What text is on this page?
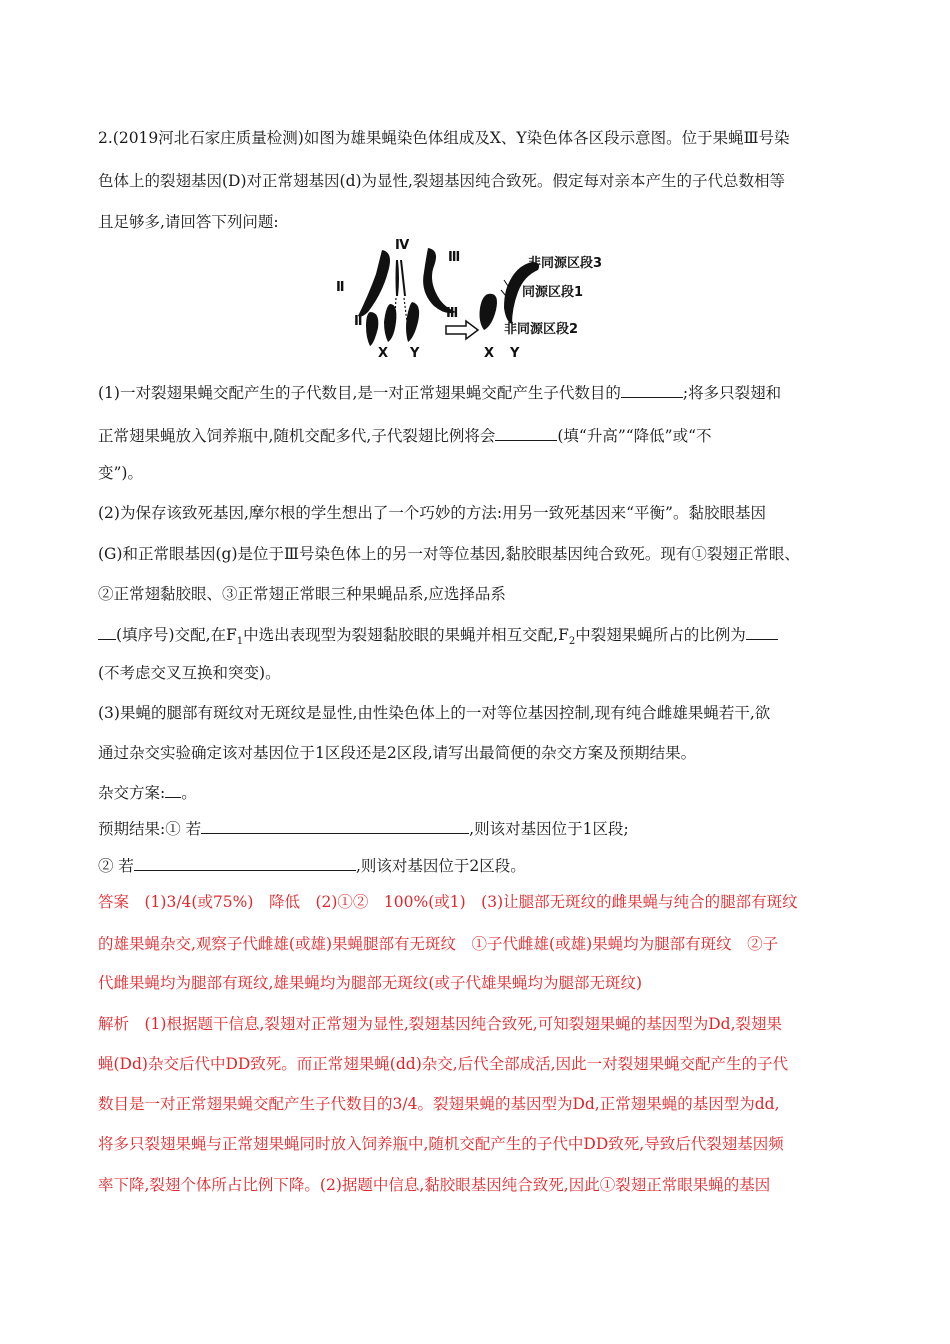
2.(2019河北石家庄质量检测)如图为雄果蝇染色体组成及X、Y染色体各区段示意图。位于果蝇Ⅲ号染
色体上的裂翅基因(D)对正常翅基因(d)为显性,裂翅基因纯合致死。假定每对亲本产生的子代总数相等
且足够多,请回答下列问题:
Ⅱ
Ⅱ
Ⅳ
Ⅲ
Ⅲ
X Y	X Y
非同源区段3
同源区段1
非同源区段2
(1)一对裂翅果蝇交配产生的子代数目,是一对正常翅果蝇交配产生子代数目的	;将多只裂翅和
正常翅果蝇放入饲养瓶中,随机交配多代,子代裂翅比例将会	(填“升高”“降低”或“不
变”)。
(2)为保存该致死基因,摩尔根的学生想出了一个巧妙的方法:用另一致死基因来“平衡”。黏胶眼基因
(G)和正常眼基因(g)是位于Ⅲ号染色体上的另一对等位基因,黏胶眼基因纯合致死。现有①裂翅正常眼、
②正常翅黏胶眼、③正常翅正常眼三种果蝇品系,应选择品系
(填序号)交配,在$F_1$中选出表现型为裂翅黏胶眼的果蝇并相互交配$,F_2$中裂翅果蝇所占的比例为
(不考虑交叉互换和突变)。
(3)果蝇的腿部有斑纹对无斑纹是显性,由性染色体上的一对等位基因控制,现有纯合雌雄果蝇若干,欲
通过杂交实验确定该对基因位于1区段还是2区段,请写出最简便的杂交方案及预期结果。
杂交方案: 。
预期结果:① 若	,则该对基因位于1区段;
② 若	,则该对基因位于2区段。
答案　(1)3/4(或75%)　降低　(2)①②　100%(或1)　(3)让腿部无斑纹的雌果蝇与纯合的腿部有斑纹
的雄果蝇杂交,观察子代雌雄(或雄)果蝇腿部有无斑纹　①子代雌雄(或雄)果蝇均为腿部有斑纹　②子
代雌果蝇均为腿部有斑纹,雄果蝇均为腿部无斑纹(或子代雄果蝇均为腿部无斑纹)
解析　(1)根据题干信息,裂翅对正常翅为显性,裂翅基因纯合致死,可知裂翅果蝇的基因型为Dd,裂翅果
蝇(Dd)杂交后代中DD致死。而正常翅果蝇(dd)杂交,后代全部成活,因此一对裂翅果蝇交配产生的子代
数目是一对正常翅果蝇交配产生子代数目的3/4。裂翅果蝇的基因型为Dd,正常翅果蝇的基因型为dd,
将多只裂翅果蝇与正常翅果蝇同时放入饲养瓶中,随机交配产生的子代中DD致死,导致后代裂翅基因频
率下降,裂翅个体所占比例下降。(2)据题中信息,黏胶眼基因纯合致死,因此①裂翅正常眼果蝇的基因
